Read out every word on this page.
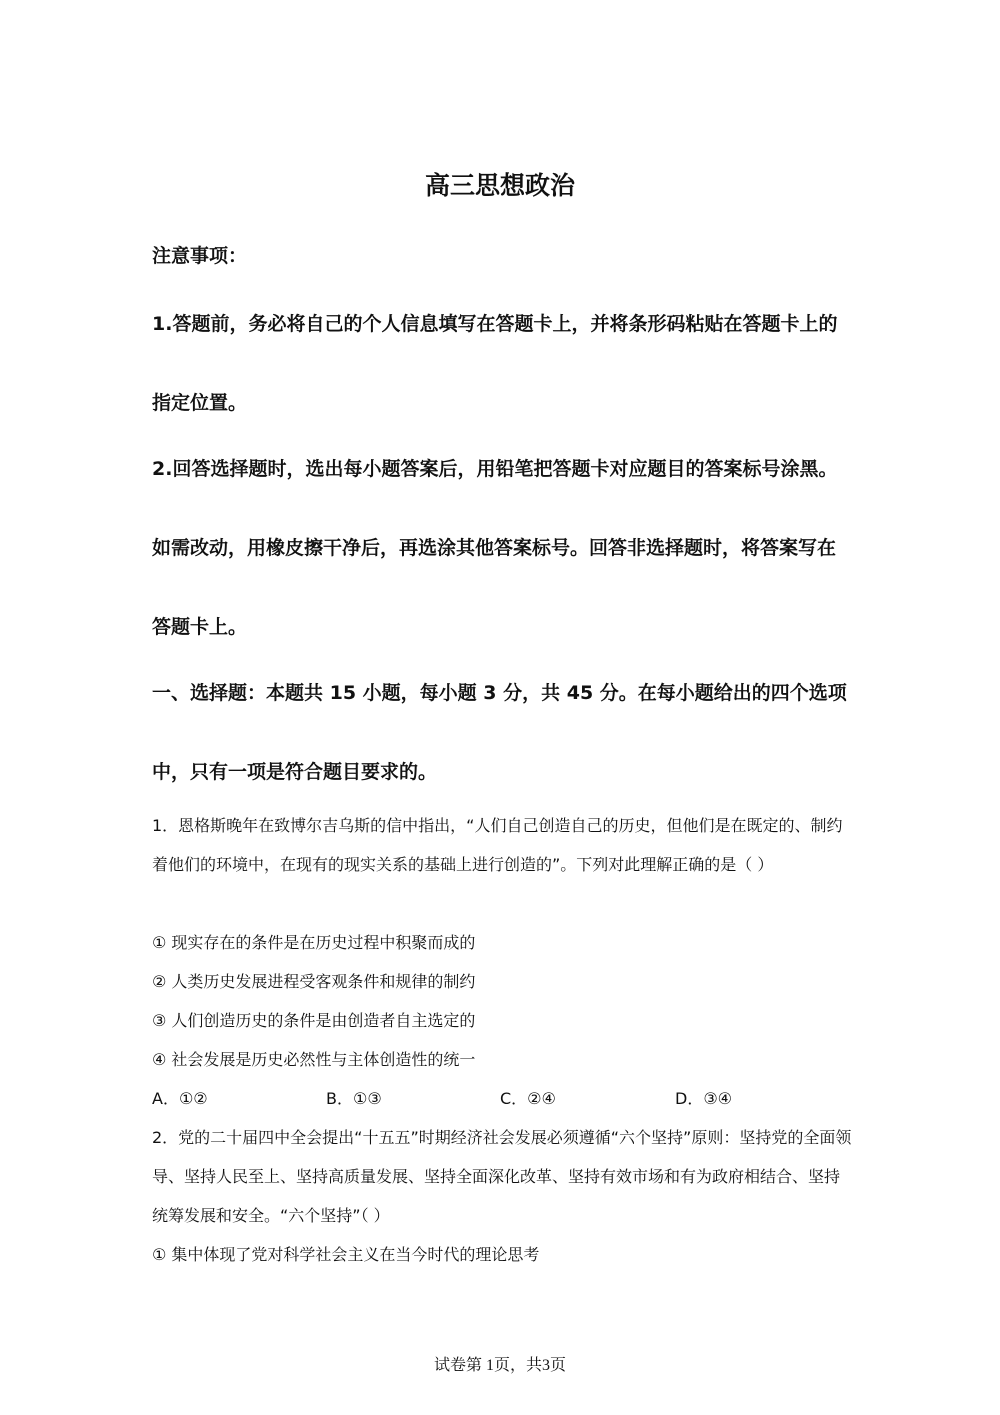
高三思想政治
注意事项：

1.答题前，务必将自己的个人信息填写在答题卡上，并将条形码粘贴在答题卡上的指定位置。

2.回答选择题时，选出每小题答案后，用铅笔把答题卡对应题目的答案标号涂黑。如需改动，用橡皮擦干净后，再选涂其他答案标号。回答非选择题时，将答案写在答题卡上。

一、选择题：本题共 15 小题，每小题 3 分，共 45 分。在每小题给出的四个选项中，只有一项是符合题目要求的。

1．恩格斯晚年在致博尔吉乌斯的信中指出，“人们自己创造自己的历史，但他们是在既定的、制约着他们的环境中，在现有的现实关系的基础上进行创造的”。下列对此理解正确的是（ ）

① 现实存在的条件是在历史过程中积聚而成的
② 人类历史发展进程受客观条件和规律的制约
③ 人们创造历史的条件是由创造者自主选定的
④ 社会发展是历史必然性与主体创造性的统一
A．①②	B．①③	C．②④	D．③④

2．党的二十届四中全会提出“十五五”时期经济社会发展必须遵循“六个坚持”原则：坚持党的全面领导、坚持人民至上、坚持高质量发展、坚持全面深化改革、坚持有效市场和有为政府相结合、坚持统筹发展和安全。“六个坚持”（ ）

① 集中体现了党对科学社会主义在当今时代的理论思考
试卷第 1页，共3页
